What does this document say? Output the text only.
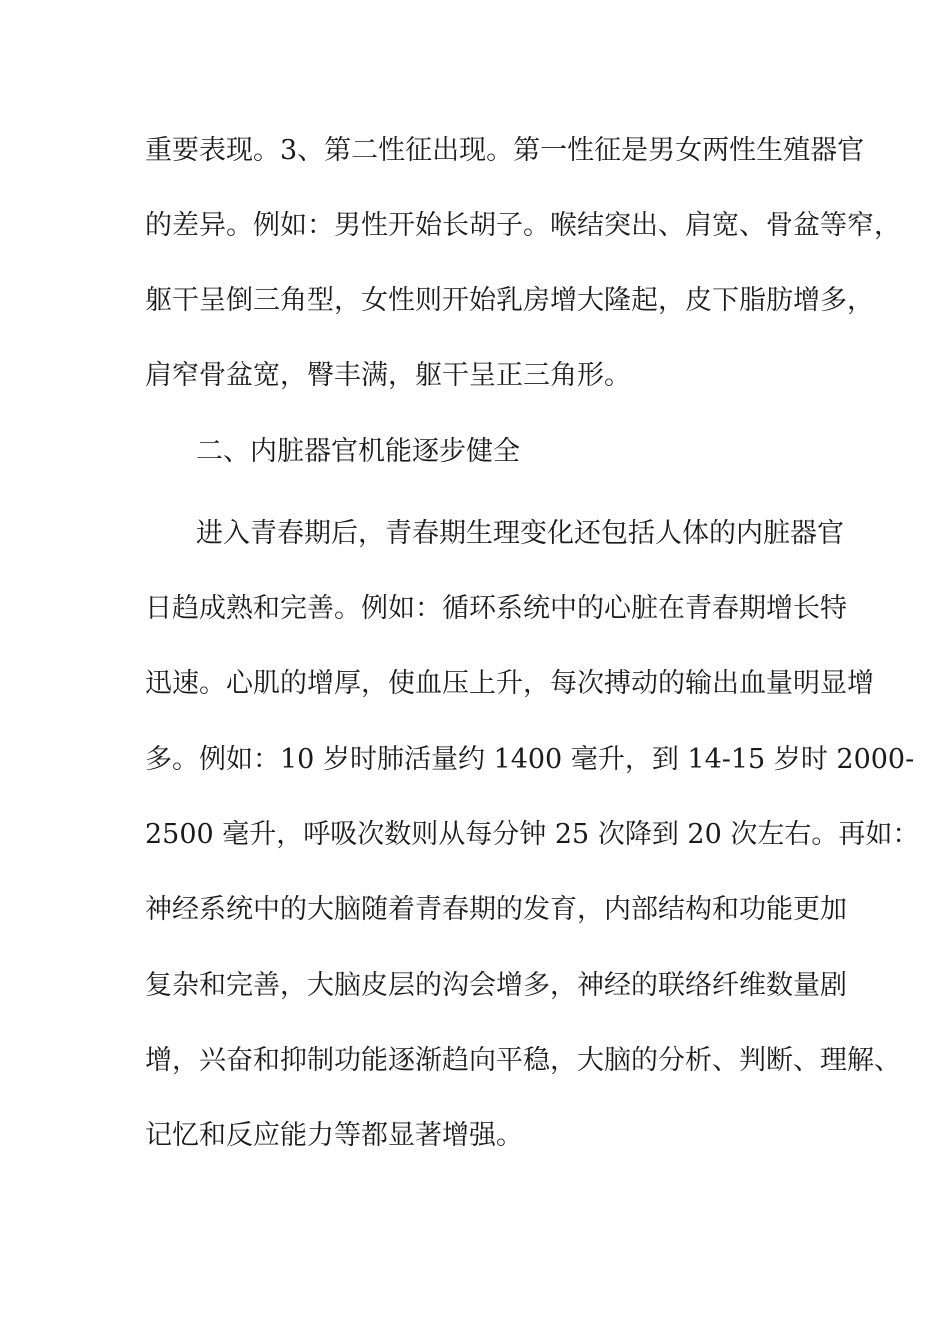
重要表现。3、第二性征出现。第一性征是男女两性生殖器官
的差异。例如：男性开始长胡子。喉结突出、肩宽、骨盆等窄，
躯干呈倒三角型，女性则开始乳房增大隆起，皮下脂肪增多，
肩窄骨盆宽，臀丰满，躯干呈正三角形。
二、内脏器官机能逐步健全
进入青春期后，青春期生理变化还包括人体的内脏器官
日趋成熟和完善。例如：循环系统中的心脏在青春期增长特
迅速。心肌的增厚，使血压上升，每次搏动的输出血量明显增
多。例如：10 岁时肺活量约 1400 毫升，到 14-15 岁时 2000-
2500 毫升，呼吸次数则从每分钟 25 次降到 20 次左右。再如：
神经系统中的大脑随着青春期的发育，内部结构和功能更加
复杂和完善，大脑皮层的沟会增多，神经的联络纤维数量剧
增，兴奋和抑制功能逐渐趋向平稳，大脑的分析、判断、理解、
记忆和反应能力等都显著增强。
